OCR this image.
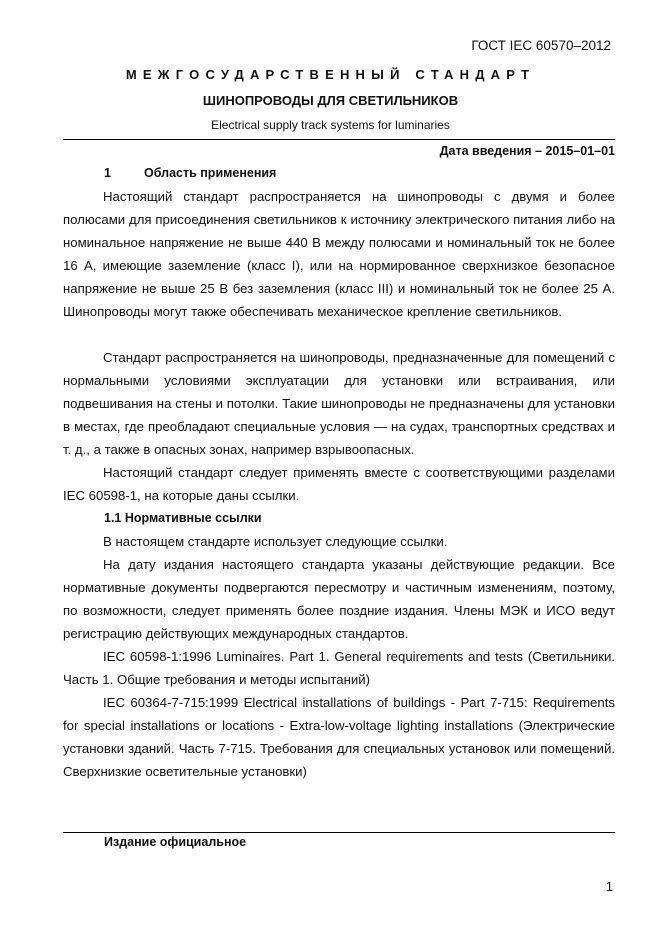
ГОСТ IEC 60570–2012
МЕЖГОСУДАРСТВЕННЫЙ СТАНДАРТ
ШИНОПРОВОДЫ ДЛЯ СВЕТИЛЬНИКОВ
Electrical supply track systems for luminaries
Дата введения – 2015–01–01
1	Область применения
Настоящий стандарт распространяется на шинопроводы с двумя и более полюсами для присоединения светильников к источнику электрического питания либо на номинальное напряжение не выше 440 В между полюсами и номинальный ток не более 16 А, имеющие заземление (класс I), или на нормированное сверхнизкое безопасное напряжение не выше 25 В без заземления (класс III) и номинальный ток не более 25 А. Шинопроводы могут также обеспечивать механическое крепление светильников.
Стандарт распространяется на шинопроводы, предназначенные для помещений с нормальными условиями эксплуатации для установки или встраивания, или подвешивания на стены и потолки. Такие шинопроводы не предназначены для установки в местах, где преобладают специальные условия — на судах, транспортных средствах и т. д., а также в опасных зонах, например взрывоопасных.
Настоящий стандарт следует применять вместе с соответствующими разделами IEC 60598-1, на которые даны ссылки.
1.1 Нормативные ссылки
В настоящем стандарте использует следующие ссылки.
На дату издания настоящего стандарта указаны действующие редакции. Все нормативные документы подвергаются пересмотру и частичным изменениям, поэтому, по возможности, следует применять более поздние издания. Члены МЭК и ИСО ведут регистрацию действующих международных стандартов.
IEC 60598-1:1996 Luminaires. Part 1. General requirements and tests (Светильники. Часть 1. Общие требования и методы испытаний)
IEC 60364-7-715:1999 Electrical installations of buildings - Part 7-715: Requirements for special installations or locations - Extra-low-voltage lighting installations (Электрические установки зданий. Часть 7-715. Требования для специальных установок или помещений. Сверхнизкие осветительные установки)
Издание официальное
1
